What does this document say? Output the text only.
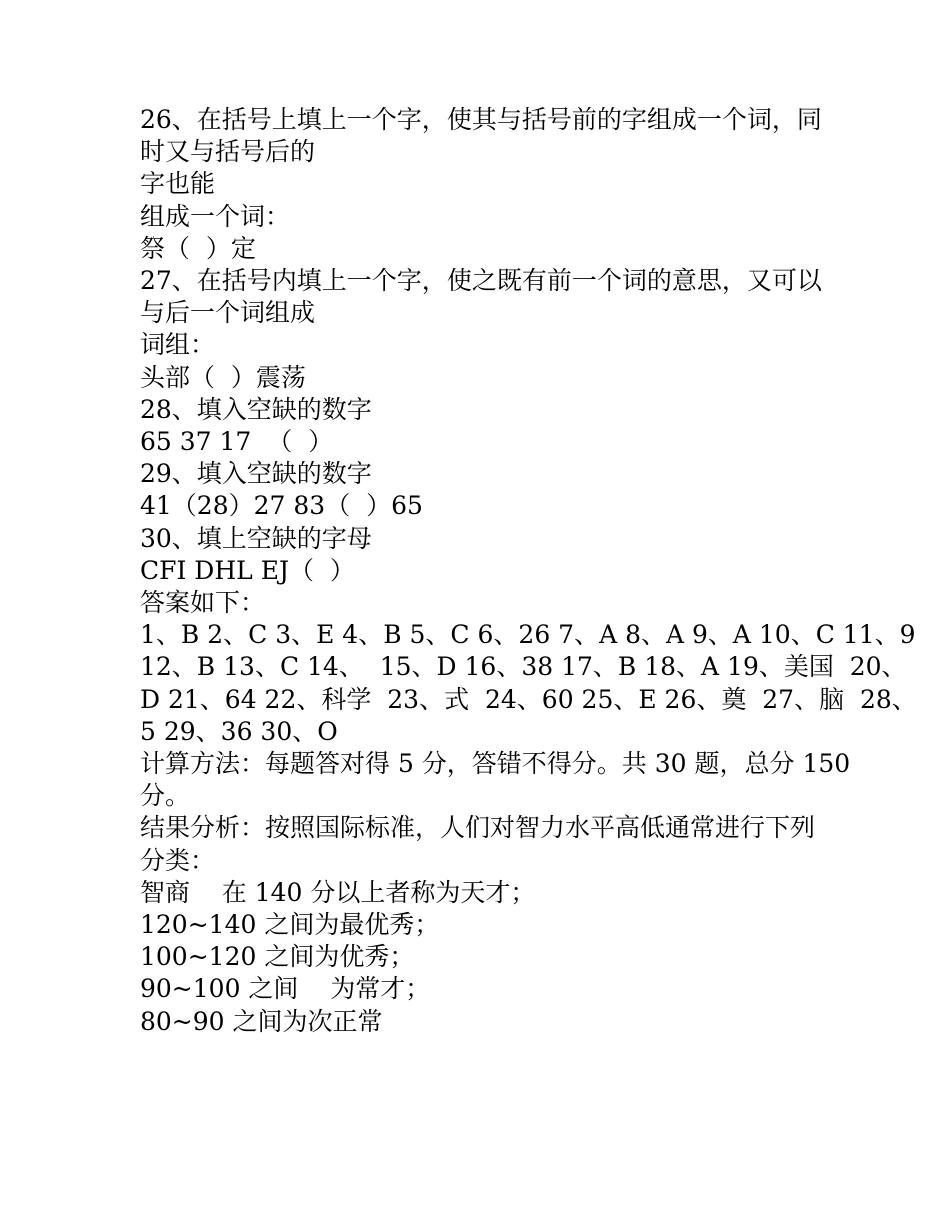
26、在括号上填上一个字，使其与括号前的字组成一个词，同
时又与括号后的
字也能
组成一个词：
祭（  ）定
27、在括号内填上一个字，使之既有前一个词的意思，又可以
与后一个词组成
词组：
头部（  ）震荡
28、填入空缺的数字
65 37 17  （  ）
29、填入空缺的数字
41（28）27 83（  ）65
30、填上空缺的字母
CFI DHL EJ（  ）
答案如下：
1、B 2、C 3、E 4、B 5、C 6、26 7、A 8、A 9、A 10、C 11、9
12、B 13、C 14、  15、D 16、38 17、B 18、A 19、美国  20、
D 21、64 22、科学  23、式  24、60 25、E 26、奠  27、脑  28、
5 29、36 30、O
计算方法：每题答对得 5 分，答错不得分。共 30 题，总分 150
分。
结果分析：按照国际标准，人们对智力水平高低通常进行下列
分类：
智商    在 140 分以上者称为天才；
120~140 之间为最优秀；
100~120 之间为优秀；
90~100 之间    为常才；
80~90 之间为次正常
